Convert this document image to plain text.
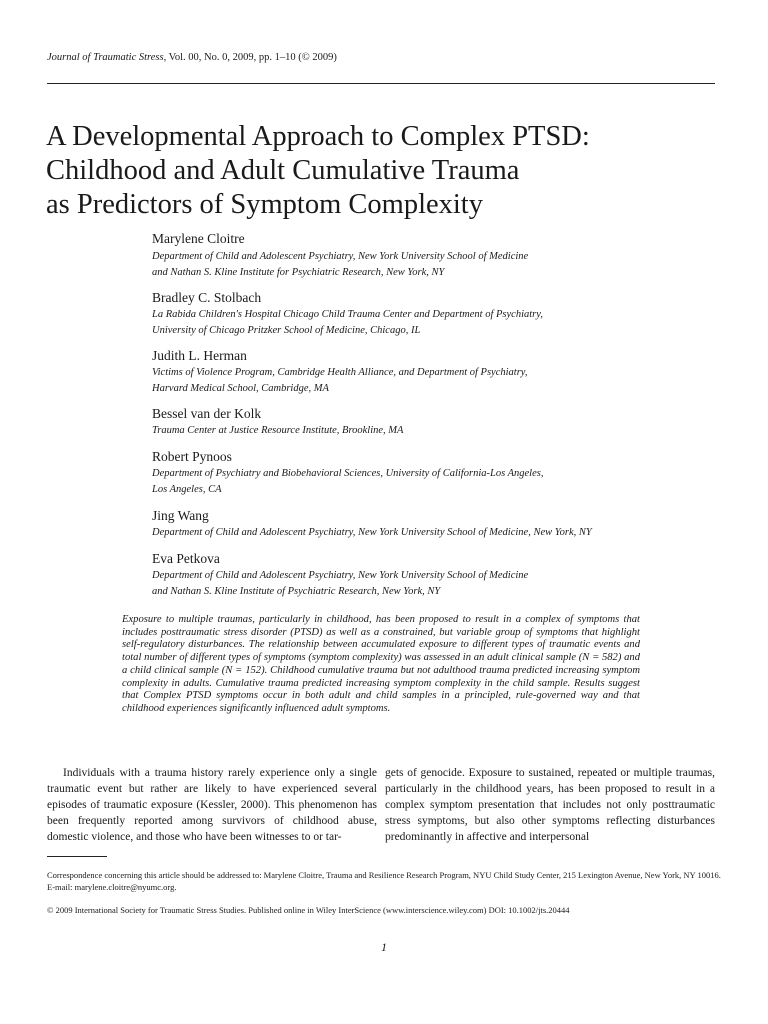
Journal of Traumatic Stress, Vol. 00, No. 0, 2009, pp. 1–10 (© 2009)
A Developmental Approach to Complex PTSD:
Childhood and Adult Cumulative Trauma
as Predictors of Symptom Complexity
Marylene Cloitre
Department of Child and Adolescent Psychiatry, New York University School of Medicine
and Nathan S. Kline Institute for Psychiatric Research, New York, NY
Bradley C. Stolbach
La Rabida Children's Hospital Chicago Child Trauma Center and Department of Psychiatry,
University of Chicago Pritzker School of Medicine, Chicago, IL
Judith L. Herman
Victims of Violence Program, Cambridge Health Alliance, and Department of Psychiatry,
Harvard Medical School, Cambridge, MA
Bessel van der Kolk
Trauma Center at Justice Resource Institute, Brookline, MA
Robert Pynoos
Department of Psychiatry and Biobehavioral Sciences, University of California-Los Angeles,
Los Angeles, CA
Jing Wang
Department of Child and Adolescent Psychiatry, New York University School of Medicine, New York, NY
Eva Petkova
Department of Child and Adolescent Psychiatry, New York University School of Medicine
and Nathan S. Kline Institute of Psychiatric Research, New York, NY

Exposure to multiple traumas, particularly in childhood, has been proposed to result in a complex of symptoms that includes posttraumatic stress disorder (PTSD) as well as a constrained, but variable group of symptoms that highlight self-regulatory disturbances. The relationship between accumulated exposure to different types of traumatic events and total number of different types of symptoms (symptom complexity) was assessed in an adult clinical sample (N = 582) and a child clinical sample (N = 152). Childhood cumulative trauma but not adulthood trauma predicted increasing symptom complexity in adults. Cumulative trauma predicted increasing symptom complexity in the child sample. Results suggest that Complex PTSD symptoms occur in both adult and child samples in a principled, rule-governed way and that childhood experiences significantly influenced adult symptoms.

Individuals with a trauma history rarely experience only a single traumatic event but rather are likely to have experienced several episodes of traumatic exposure (Kessler, 2000). This phenomenon has been frequently reported among survivors of childhood abuse, domestic violence, and those who have been witnesses to or tar-

gets of genocide. Exposure to sustained, repeated or multiple traumas, particularly in the childhood years, has been proposed to result in a complex symptom presentation that includes not only posttraumatic stress symptoms, but also other symptoms reflecting disturbances predominantly in affective and interpersonal

Correspondence concerning this article should be addressed to: Marylene Cloitre, Trauma and Resilience Research Program, NYU Child Study Center, 215 Lexington Avenue, New York, NY 10016. E-mail: marylene.cloitre@nyumc.org.

© 2009 International Society for Traumatic Stress Studies. Published online in Wiley InterScience (www.interscience.wiley.com) DOI: 10.1002/jts.20444

1
